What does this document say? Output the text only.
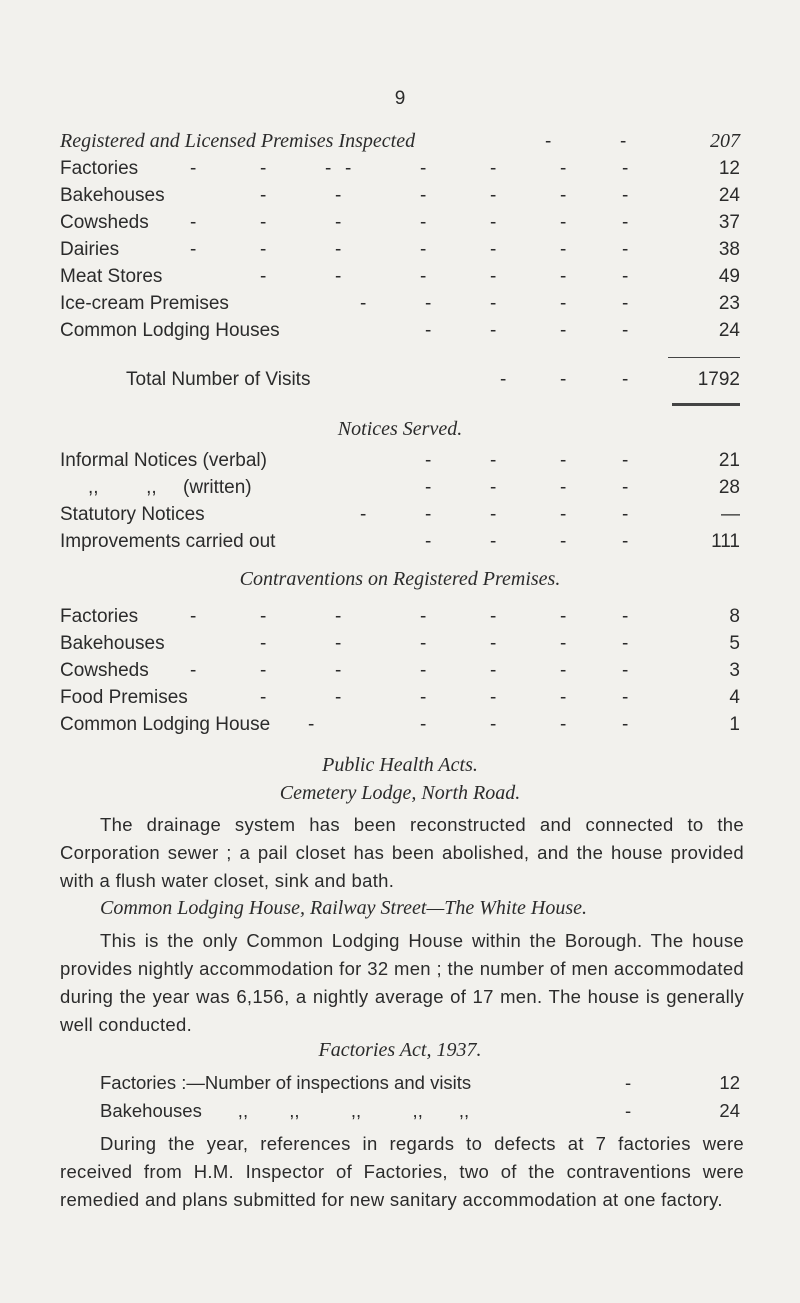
9
Registered and Licensed Premises Inspected	-	-	207
Factories	-	-	- -	-	-	-	-	12
Bakehouses	-	-	-	-	-	-	24
Cowsheds -	-	-	-	-	-	-	37
Dairies	-	-	-	-	-	-	-	38
Meat Stores	-	-	-	-	-	-	49
Ice-cream Premises	-	-	-	-	-	23
Common Lodging Houses	-	-	-	-	24
Total Number of Visits	-	-	-	1792
Notices Served.
Informal Notices (verbal)	-	-	-	-	21
,,         ,,     (written)	-	-	-	-	28
Statutory Notices	-	-	-	-	-	—
Improvements carried out	-	-	-	-	111
Contraventions on Registered Premises.
Factories	-	-	-	-	-	-	-	8
Bakehouses	-	-	-	-	-	-	5
Cowsheds -	-	-	-	-	-	-	3
Food Premises	-	-	-	-	-	-	4
Common Lodging House -	-	-	-	-	1
Public Health Acts.
Cemetery Lodge, North Road.
The drainage system has been reconstructed and connected to the Corporation sewer ; a pail closet has been abolished, and the house provided with a flush water closet, sink and bath.
Common Lodging House, Railway Street—The White House.
This is the only Common Lodging House within the Borough. The house provides nightly accommodation for 32 men ; the number of men accommodated during the year was 6,156, a nightly average of 17 men. The house is generally well conducted.
Factories Act, 1937.
Factories :—Number of inspections and visits	-	12
Bakehouses       ,,        ,,          ,,          ,,       ,,	-	24
During the year, references in regards to defects at 7 factories were received from H.M. Inspector of Factories, two of the contraventions were remedied and plans submitted for new sanitary accommodation at one factory.
